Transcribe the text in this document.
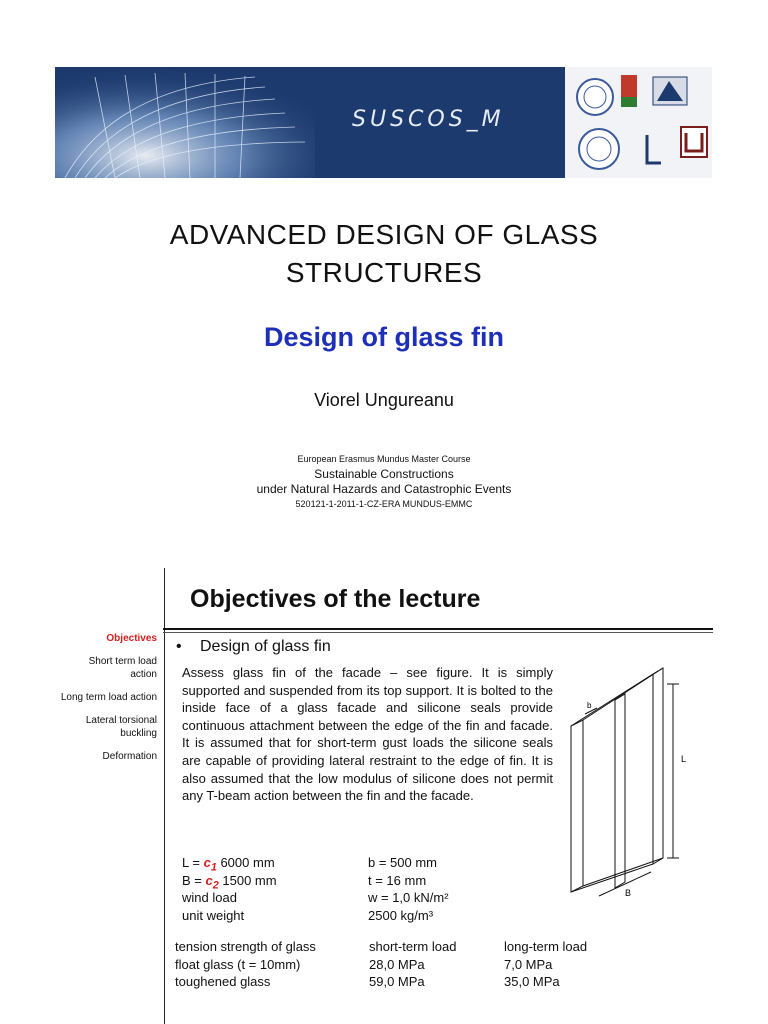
SUSCOS_M
ADVANCED DESIGN OF GLASS
STRUCTURES
Design of glass fin
Viorel Ungureanu
European Erasmus Mundus Master Course
Sustainable Constructions
under Natural Hazards and Catastrophic Events
520121-1-2011-1-CZ-ERA MUNDUS-EMMC
Objectives of the lecture
Objectives
Short term load action
Long term load action
Lateral torsional buckling
Deformation
• Design of glass fin
Assess glass fin of the facade – see figure. It is simply supported and suspended from its top support. It is bolted to the inside face of a glass facade and silicone seals provide continuous attachment between the edge of the fin and facade. It is assumed that for short-term gust loads the silicone seals are capable of providing lateral restraint to the edge of fin. It is also assumed that the low modulus of silicone does not permit any T-beam action between the fin and the facade.
$L = c_1$ 6000 mm	b = 500 mm
$B = c_2$ 1500 mm	t = 16 mm
wind load	w = 1,0 kN/m²
unit weight	2500 kg/m³
tension strength of glass	short-term load	long-term load
float glass (t = 10mm)	28,0 MPa	7,0 MPa
toughened glass	59,0 MPa	35,0 MPa
b
L
B
